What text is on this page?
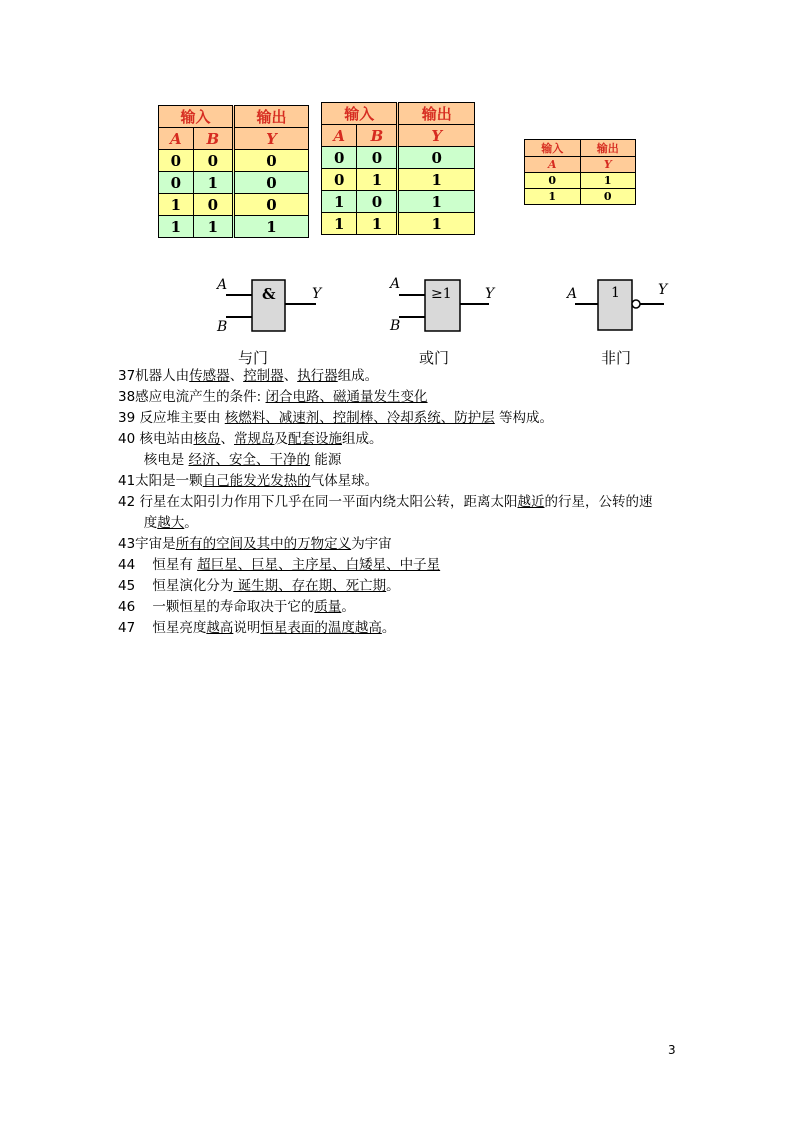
输入		输出
A	B	Y
0	0	0
0	1	0
1	0	0
1	1	1
输入		输出
A	B	Y
0	0	0
0	1	1
1	0	1
1	1	1
输入	输出
A	Y
0	1
1	0
&
A
B
Y	≥1
A
B
Y	1
A	Y
与门	或门	非门

37机器人由传感器、控制器、执行器组成。

38感应电流产生的条件: 闭合电路、磁通量发生变化

39 反应堆主要由 核燃料、减速剂、控制棒、冷却系统、防护层 等构成。

40 核电站由核岛、常规岛及配套设施组成。

核电是 经济、安全、干净的 能源

41太阳是一颗自己能发光发热的气体星球。

42 行星在太阳引力作用下几乎在同一平面内绕太阳公转，距离太阳越近的行星，公转的速

度越大。

43宇宙是所有的空间及其中的万物定义为宇宙

44    恒星有 超巨星、巨星、主序星、白矮星、中子星

45    恒星演化分为 诞生期、存在期、死亡期。

46    一颗恒星的寿命取决于它的质量。

47    恒星亮度越高说明恒星表面的温度越高。

3
